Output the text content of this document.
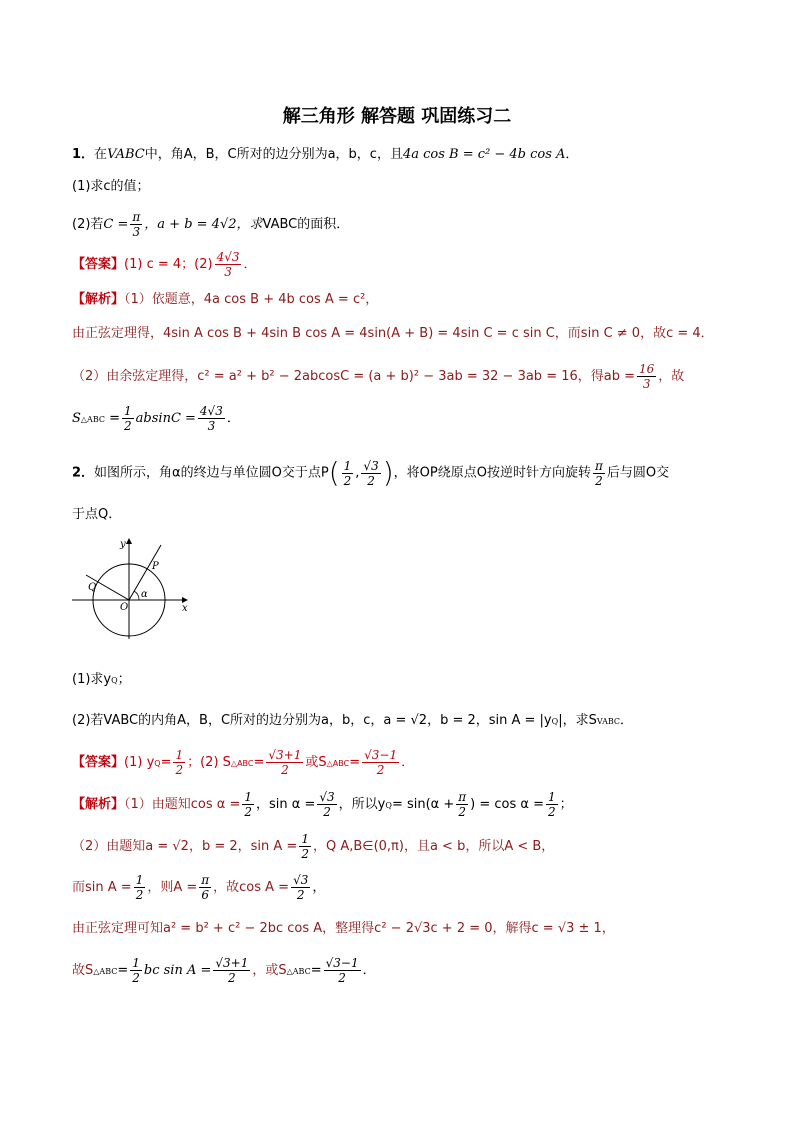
解三角形 解答题 巩固练习二
1．在VABC中，角A，B，C所对的边分别为a，b，c，且4a cos B = c² − 4b cos A．
(1)求c的值；
(2)若$C = \frac{\pi}{3}$ ，a + b = 4√2，求VABC的面积．
【答案】(1) c = 4；$(2) \frac{4√3}{3}$ ．
【解析】（1）依题意，4a cos B + 4b cos A = c²，
由正弦定理得，4sin A cos B + 4sin B cos A = 4sin(A + B) = 4sin C = c sin C，而sin C ≠ 0，故c = 4．
（2）由余弦定理得，c² = a² + b² − 2abcosC = (a + b)² − 3ab = 32 − 3ab = 16，得ab = $\frac{16}{3}$ ，故
S△ABC = $\frac{1}{2}$ $absinC = \frac{4√3}{3}$ ．
2．如图所示，角α的终边与单位圆O交于点$P( \frac{1}{2}$ , $\frac{√3}{2}$ )，将OP绕原点O按逆时针方向旋转 $\frac{\pi}{2}$ 后与圆O交
于点Q．
y
x
O
P
Q
α
(1)求yQ；
(2)若VABC的内角A，B，C所对的边分别为a，b，c，a = √2，b = 2，sin A = |yQ|，求SVABC．
【答案】(1) $yQ= \frac{1}{2}$ ；(2) S△ABC= $\frac{√3+1}{2}$ 或S△ABC= $\frac{√3-1}{2}$ ．
【解析】（1）由题知$\cos \alpha = \frac{1}{2}$ ，$\sin \alpha = \frac{√3}{2}$ ，所以$yQ= \sin(\alpha + \frac{\pi}{2}$ ) = $\cos \alpha = \frac{1}{2}$ ；
（2）由题知a = √2，b = 2，$\sin A = \frac{1}{2}$ ，Q A,B∈(0,π)，且a < b，所以A < B，
而$\sin A = \frac{1}{2}$ ，则$A = \frac{\pi}{6}$ ，故$\cos A = \frac{√3}{2}$ ，
由正弦定理可知a² = b² + c² − 2bc cos A，整理得c² − 2√3c + 2 = 0，解得c = √3 ± 1，
故S△ABC= $\frac{1}{2}$ bc $\sin A = \frac{√3+1}{2}$ ，或S△ABC= $\frac{√3-1}{2}$ ．
